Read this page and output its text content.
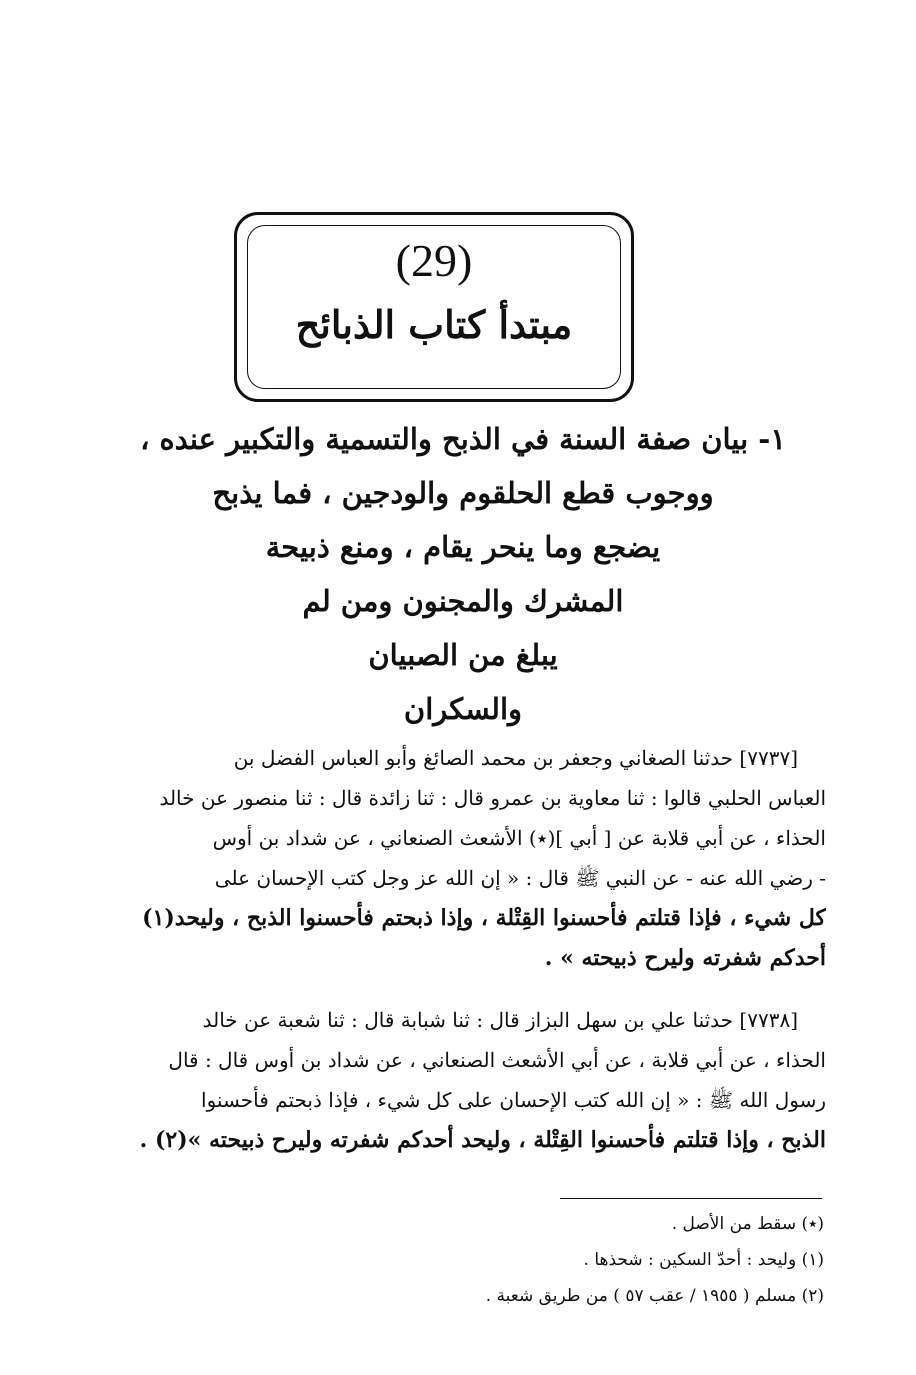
(29)
مبتدأ كتاب الذبائح
١- بيان صفة السنة في الذبح والتسمية والتكبير عنده ،
ووجوب قطع الحلقوم والودجين ، فما يذبح
يضجع وما ينحر يقام ، ومنع ذبيحة
المشرك والمجنون ومن لم
يبلغ من الصبيان
والسكران
[٧٧٣٧] حدثنا الصغاني وجعفر بن محمد الصائغ وأبو العباس الفضل بن
العباس الحلبي قالوا : ثنا معاوية بن عمرو قال : ثنا زائدة قال : ثنا منصور عن خالد
الحذاء ، عن أبي قلابة عن [ أبي ](٭) الأشعث الصنعاني ، عن شداد بن أوس
- رضي الله عنه - عن النبي ﷺ قال : « إن الله عز وجل كتب الإحسان على
كل شيء ، فإذا قتلتم فأحسنوا القِتْلة ، وإذا ذبحتم فأحسنوا الذبح ، وليحد(١)
أحدكم شفرته وليرح ذبيحته » .
[٧٧٣٨] حدثنا علي بن سهل البزاز قال : ثنا شبابة قال : ثنا شعبة عن خالد
الحذاء ، عن أبي قلابة ، عن أبي الأشعث الصنعاني ، عن شداد بن أوس قال : قال
رسول الله ﷺ : « إن الله كتب الإحسان على كل شيء ، فإذا ذبحتم فأحسنوا
الذبح ، وإذا قتلتم فأحسنوا القِتْلة ، وليحد أحدكم شفرته وليرح ذبيحته »(٢) .
(٭) سقط من الأصل .
(١) وليحد : أحدّ السكين : شحذها .
(٢) مسلم ( ١٩٥٥ / عقب ٥٧ ) من طريق شعبة .
